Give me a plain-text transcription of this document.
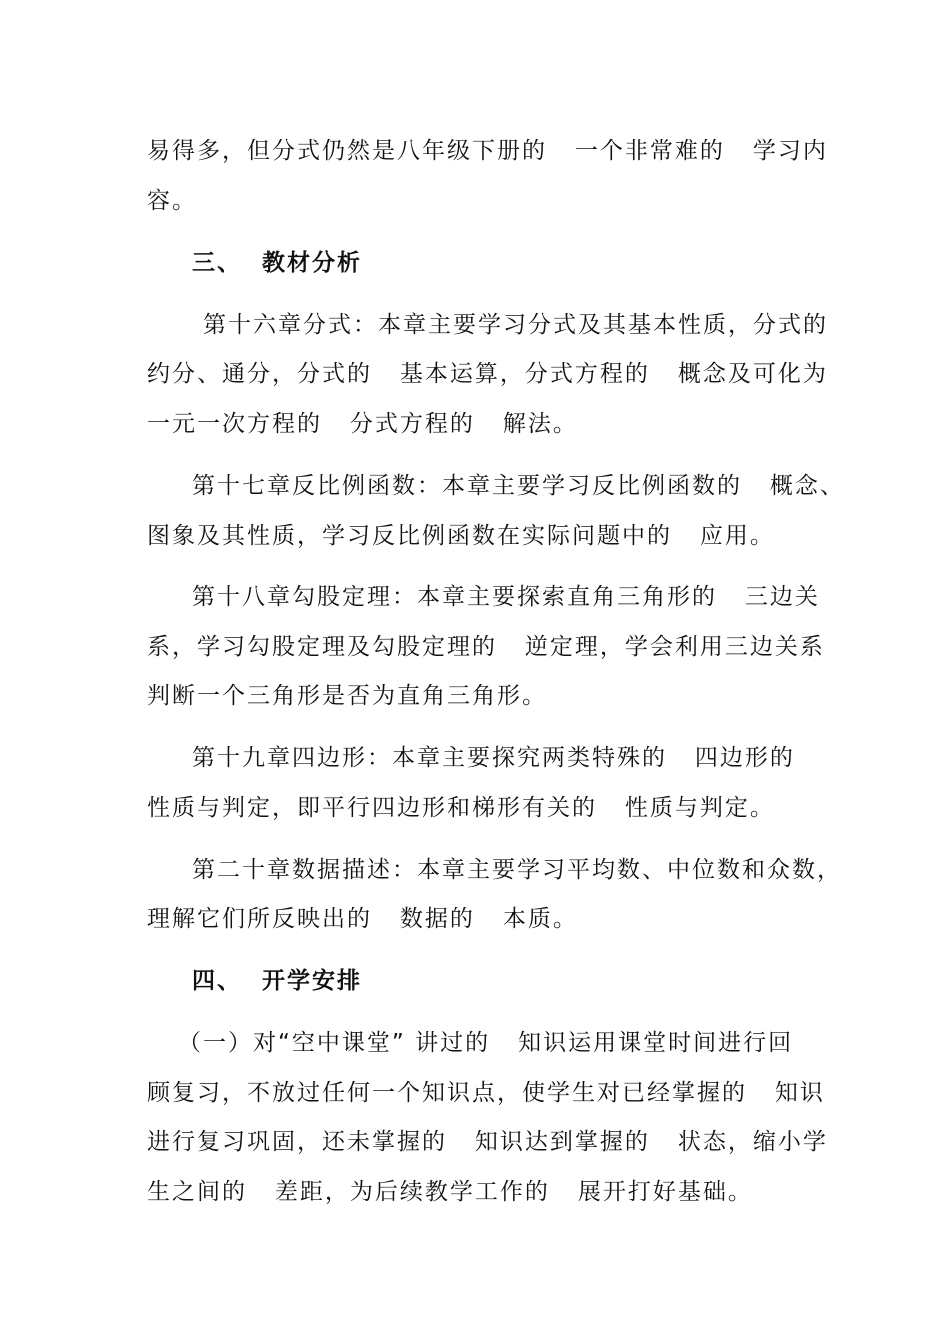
易得多，但分式仍然是八年级下册的   一个非常难的   学习内
容。
三、  教材分析
第十六章分式：本章主要学习分式及其基本性质，分式的
约分、通分，分式的   基本运算，分式方程的   概念及可化为
一元一次方程的   分式方程的   解法。
第十七章反比例函数：本章主要学习反比例函数的   概念、
图象及其性质，学习反比例函数在实际问题中的   应用。
第十八章勾股定理：本章主要探索直角三角形的   三边关
系，学习勾股定理及勾股定理的   逆定理，学会利用三边关系
判断一个三角形是否为直角三角形。
第十九章四边形：本章主要探究两类特殊的   四边形的
性质与判定，即平行四边形和梯形有关的   性质与判定。
第二十章数据描述：本章主要学习平均数、中位数和众数，
理解它们所反映出的   数据的   本质。
四、  开学安排
（一）对“空中课堂” 讲过的   知识运用课堂时间进行回
顾复习，不放过任何一个知识点，使学生对已经掌握的   知识
进行复习巩固，还未掌握的   知识达到掌握的   状态，缩小学
生之间的   差距，为后续教学工作的   展开打好基础。
